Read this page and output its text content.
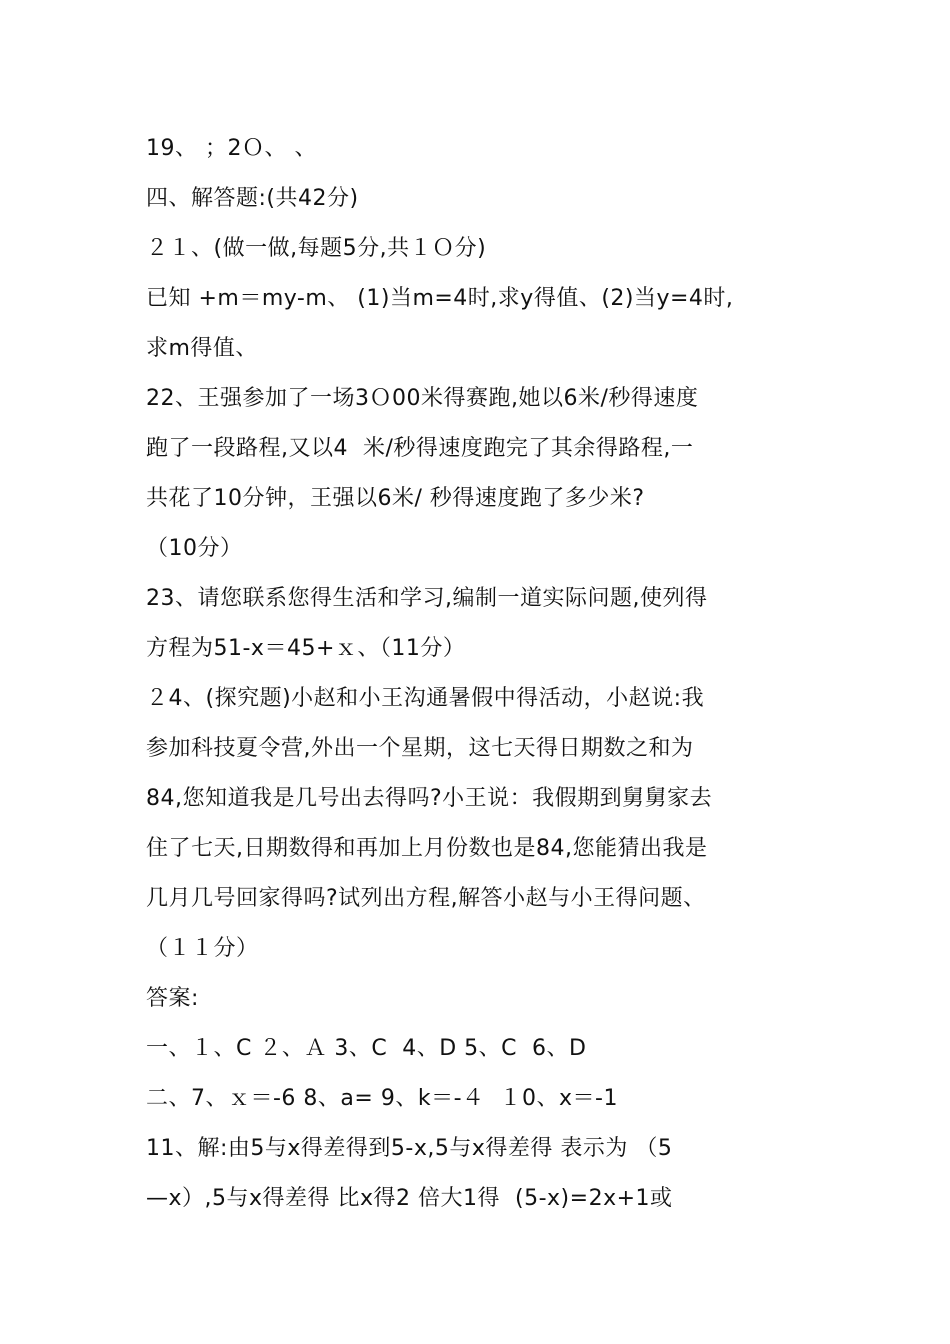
19、 ；2Ｏ、 、
四、解答题:(共42分)
２１、(做一做,每题5分,共１Ｏ分)
已知 +m＝my-m、 (1)当m=4时,求y得值、(2)当y=4时,
求m得值、
22、王强参加了一场3Ｏ00米得赛跑,她以6米/秒得速度
跑了一段路程,又以4  米/秒得速度跑完了其余得路程,一
共花了10分钟，王强以6米/ 秒得速度跑了多少米?
（10分）
23、请您联系您得生活和学习,编制一道实际问题,使列得
方程为51-x＝45+ｘ、（11分）
２4、(探究题)小赵和小王沟通暑假中得活动，小赵说:我
参加科技夏令营,外出一个星期，这七天得日期数之和为
84,您知道我是几号出去得吗?小王说：我假期到舅舅家去
住了七天,日期数得和再加上月份数也是84,您能猜出我是
几月几号回家得吗?试列出方程,解答小赵与小王得问题、
（１１分）
答案:
一、１、C ２、Ａ 3、C  4、D 5、C  6、D
二、7、ｘ＝-6 8、a= 9、k＝-４  １0、x＝-1
11、解:由5与x得差得到5-x,5与x得差得 表示为 （5
—x）,5与x得差得 比x得2 倍大1得  (5-x)=2x+1或
